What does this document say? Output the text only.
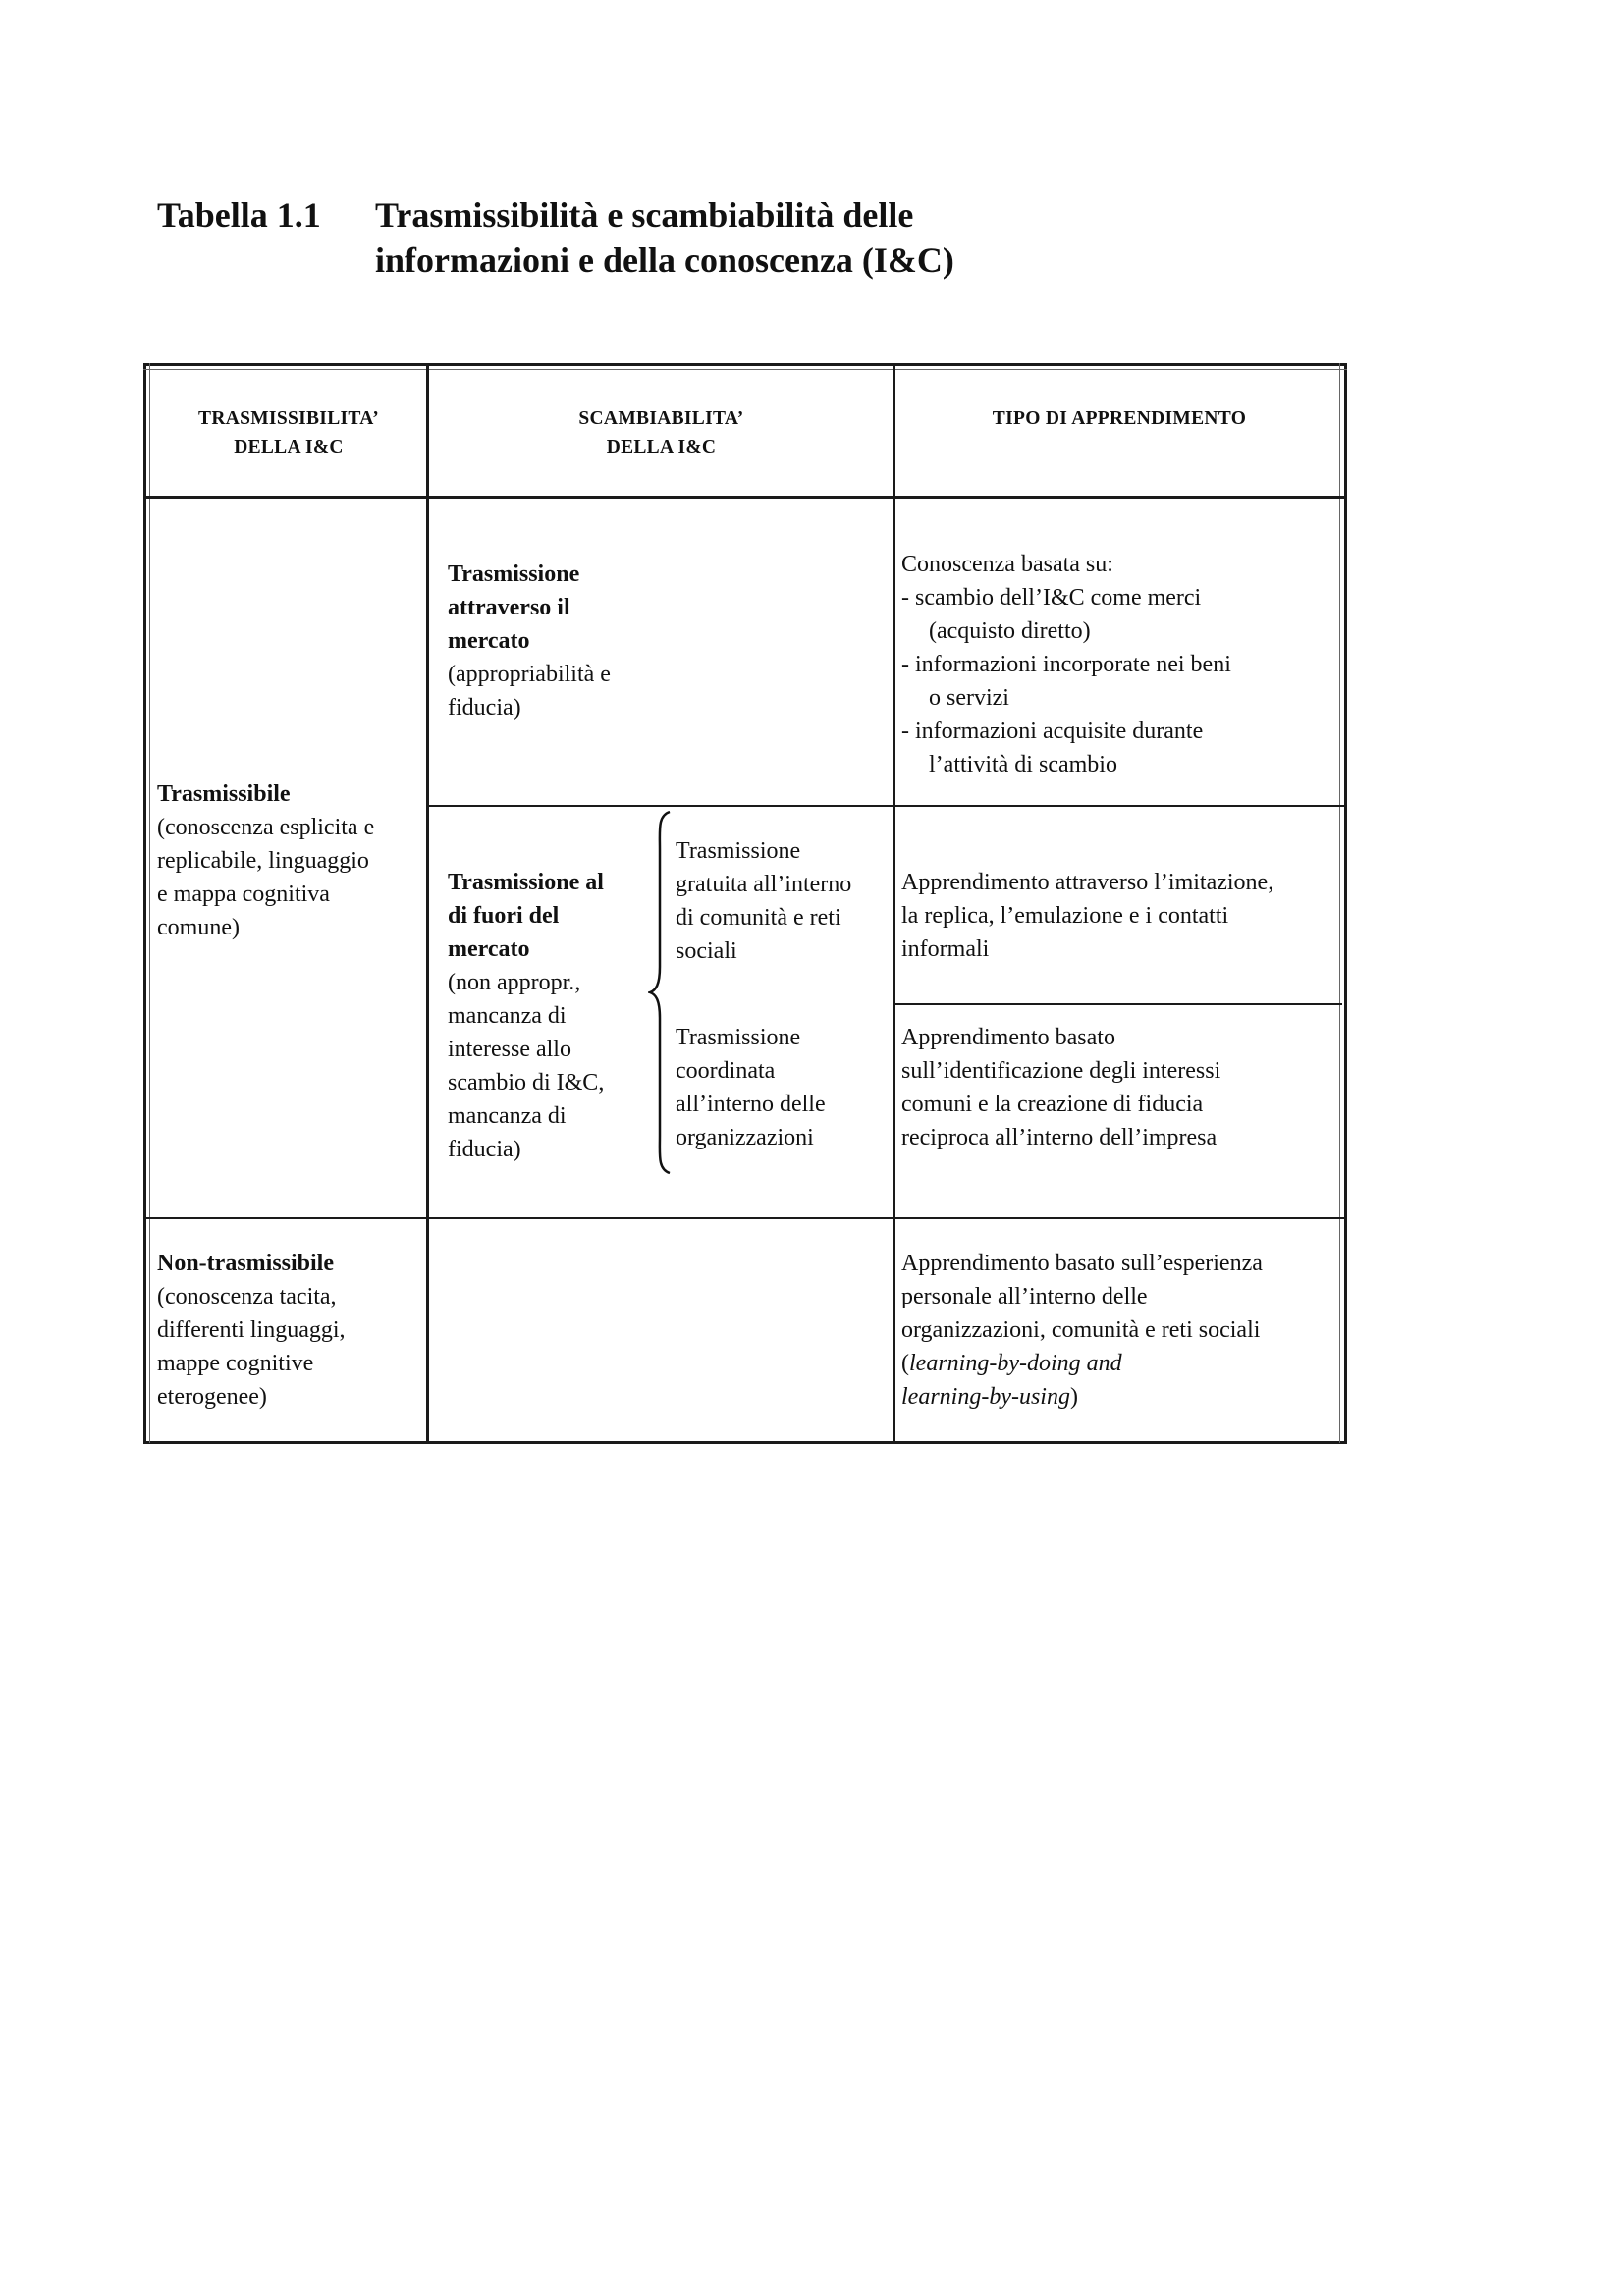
Tabella 1.1 Trasmissibilità e scambiabilità delle
informazioni e della conoscenza (I&C)
TRASMISSIBILITA’
DELLA I&C
SCAMBIABILITA’
DELLA I&C
TIPO DI APPRENDIMENTO
Trasmissibile
(conoscenza esplicita e
replicabile, linguaggio
e mappa cognitiva
comune)
Trasmissione
attraverso il
mercato
(appropriabilità e
fiducia)
Conoscenza basata su:
- scambio dell’I&C come merci
(acquisto diretto)
- informazioni incorporate nei beni
o servizi
- informazioni acquisite durante
l’attività di scambio
Trasmissione al
di fuori del
mercato
(non appropr.,
mancanza di
interesse allo
scambio di I&C,
mancanza di
fiducia)
Trasmissione
gratuita all’interno
di comunità e reti
sociali
Trasmissione
coordinata
all’interno delle
organizzazioni
Apprendimento attraverso l’imitazione,
la replica, l’emulazione e i contatti
informali
Apprendimento basato
sull’identificazione degli interessi
comuni e la creazione di fiducia
reciproca all’interno dell’impresa
Non-trasmissibile
(conoscenza tacita,
differenti linguaggi,
mappe cognitive
eterogenee)
Apprendimento basato sull’esperienza
personale all’interno delle
organizzazioni, comunità e reti sociali
(learning-by-doing and
learning-by-using)
